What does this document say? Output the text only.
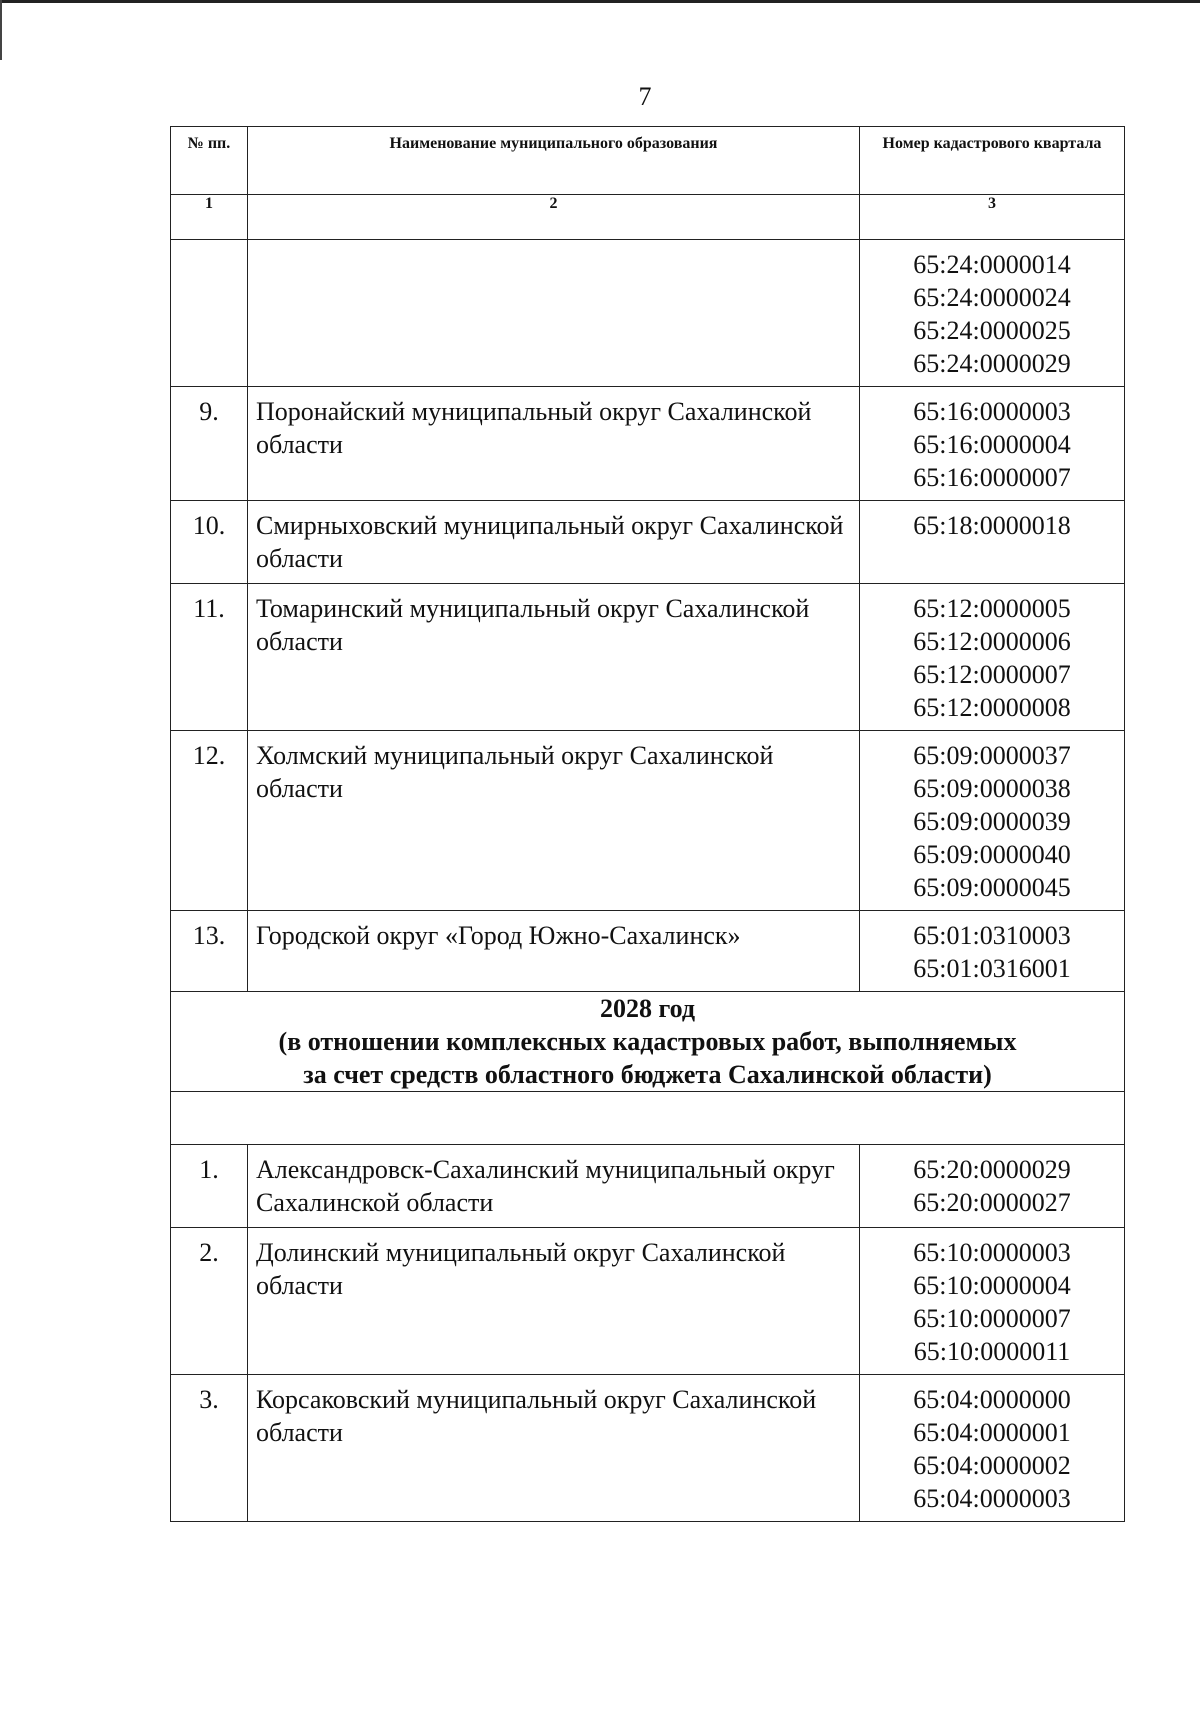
7
№ пп.	Наименование муниципального образования	Номер кадастрового квартала

1	2	3

		65:24:0000014
65:24:0000024
65:24:0000025
65:24:0000029

9.	Поронайский муниципальный округ Сахалинской области	65:16:0000003
65:16:0000004
65:16:0000007

10.	Смирныховский муниципальный округ Сахалинской области	65:18:0000018

11.	Томаринский муниципальный округ Сахалинской области	65:12:0000005
65:12:0000006
65:12:0000007
65:12:0000008

12.	Холмский муниципальный округ Сахалинской области	65:09:0000037
65:09:0000038
65:09:0000039
65:09:0000040
65:09:0000045

13.	Городской округ «Город Южно-Сахалинск»	65:01:0310003
65:01:0316001

2028 год
(в отношении комплексных кадастровых работ, выполняемых
за счет средств областного бюджета Сахалинской области)		

1.	Александровск-Сахалинский муниципальный округ Сахалинской области	65:20:0000029
65:20:0000027

2.	Долинский муниципальный округ Сахалинской области	65:10:0000003
65:10:0000004
65:10:0000007
65:10:0000011

3.	Корсаковский муниципальный округ Сахалинской области	65:04:0000000
65:04:0000001
65:04:0000002
65:04:0000003
